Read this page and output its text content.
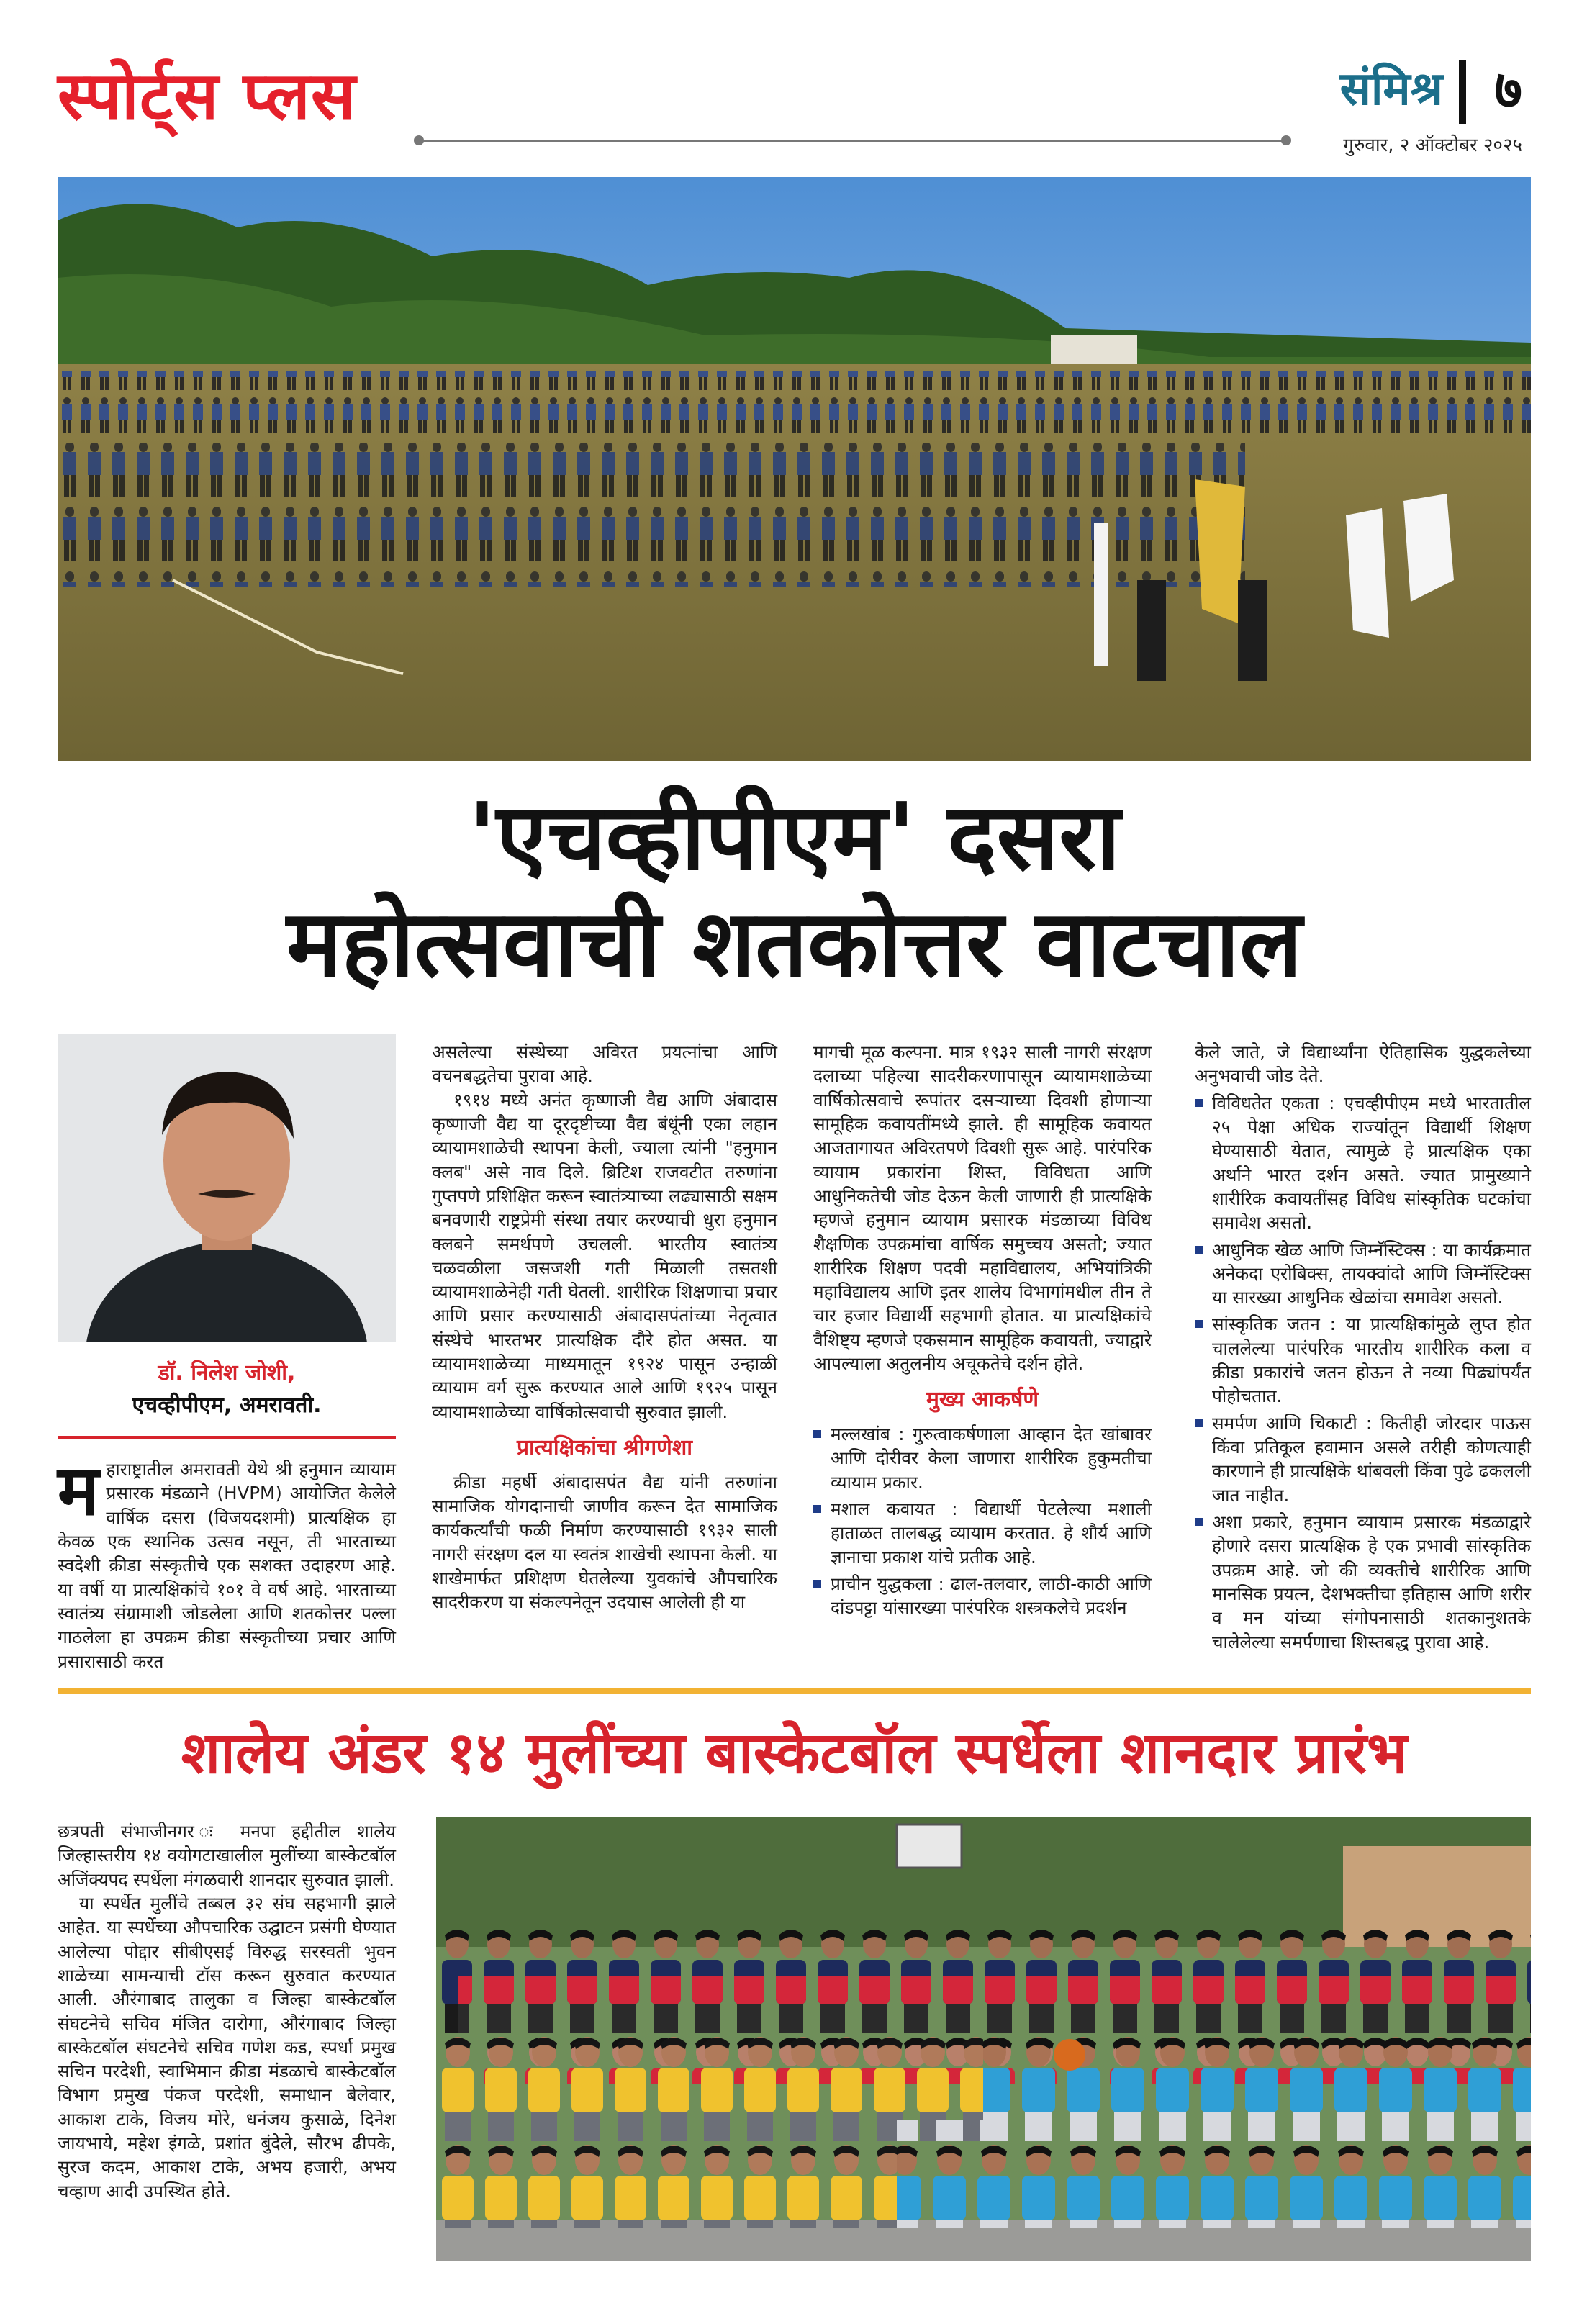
स्पोर्ट्स प्लस	संमिश्र ७
गुरुवार, २ ऑक्टोबर २०२५
'एचव्हीपीएम' दसरा
महोत्सवाची शतकोत्तर वाटचाल
डॉ. निलेश जोशी,
एचव्हीपीएम, अमरावती.
म हाराष्ट्रातील अमरावती येथे श्री हनुमान व्यायाम प्रसारक मंडळाने (HVPM) आयोजित केलेले वार्षिक दसरा (विजयदशमी) प्रात्यक्षिक हा केवळ एक स्थानिक उत्सव नसून, ती भारताच्या स्वदेशी क्रीडा संस्कृतीचे एक सशक्त उदाहरण आहे. या वर्षी या प्रात्यक्षिकांचे १०१ वे वर्ष आहे. भारताच्या स्वातंत्र्य संग्रामाशी जोडलेला आणि शतकोत्तर पल्ला गाठलेला हा उपक्रम क्रीडा संस्कृतीच्या प्रचार आणि प्रसारासाठी करत

असलेल्या संस्थेच्या अविरत प्रयत्नांचा आणि वचनबद्धतेचा पुरावा आहे.

१९१४ मध्ये अनंत कृष्णाजी वैद्य आणि अंबादास कृष्णाजी वैद्य या दूरदृष्टीच्या वैद्य बंधूंनी एका लहान व्यायामशाळेची स्थापना केली, ज्याला त्यांनी "हनुमान क्लब" असे नाव दिले. ब्रिटिश राजवटीत तरुणांना गुप्तपणे प्रशिक्षित करून स्वातंत्र्याच्या लढ्यासाठी सक्षम बनवणारी राष्ट्रप्रेमी संस्था तयार करण्याची धुरा हनुमान क्लबने समर्थपणे उचलली. भारतीय स्वातंत्र्य चळवळीला जसजशी गती मिळाली तसतशी व्यायामशाळेनेही गती घेतली. शारीरिक शिक्षणाचा प्रचार आणि प्रसार करण्यासाठी अंबादासपंतांच्या नेतृत्वात संस्थेचे भारतभर प्रात्यक्षिक दौरे होत असत. या व्यायामशाळेच्या माध्यमातून १९२४ पासून उन्हाळी व्यायाम वर्ग सुरू करण्यात आले आणि १९२५ पासून व्यायामशाळेच्या वार्षिकोत्सवाची सुरुवात झाली.

प्रात्यक्षिकांचा श्रीगणेशा

क्रीडा महर्षी अंबादासपंत वैद्य यांनी तरुणांना सामाजिक योगदानाची जाणीव करून देत सामाजिक कार्यकर्त्यांची फळी निर्माण करण्यासाठी १९३२ साली नागरी संरक्षण दल या स्वतंत्र शाखेची स्थापना केली. या शाखेमार्फत प्रशिक्षण घेतलेल्या युवकांचे औपचारिक सादरीकरण या संकल्पनेतून उदयास आलेली ही या

मागची मूळ कल्पना. मात्र १९३२ साली नागरी संरक्षण दलाच्या पहिल्या सादरीकरणापासून व्यायामशाळेच्या वार्षिकोत्सवाचे रूपांतर दसऱ्याच्या दिवशी होणाऱ्या सामूहिक कवायतींमध्ये झाले. ही सामूहिक कवायत आजतागायत अविरतपणे दिवशी सुरू आहे. पारंपरिक व्यायाम प्रकारांना शिस्त, विविधता आणि आधुनिकतेची जोड देऊन केली जाणारी ही प्रात्यक्षिके म्हणजे हनुमान व्यायाम प्रसारक मंडळाच्या विविध शैक्षणिक उपक्रमांचा वार्षिक समुच्चय असतो; ज्यात शारीरिक शिक्षण पदवी महाविद्यालय, अभियांत्रिकी महाविद्यालय आणि इतर शालेय विभागांमधील तीन ते चार हजार विद्यार्थी सहभागी होतात. या प्रात्यक्षिकांचे वैशिष्ट्य म्हणजे एकसमान सामूहिक कवायती, ज्याद्वारे आपल्याला अतुलनीय अचूकतेचे दर्शन होते.

मुख्य आकर्षणे

मल्लखांब : गुरुत्वाकर्षणाला आव्हान देत खांबावर आणि दोरीवर केला जाणारा शारीरिक हुकुमतीचा व्यायाम प्रकार.

मशाल कवायत : विद्यार्थी पेटलेल्या मशाली हाताळत तालबद्ध व्यायाम करतात. हे शौर्य आणि ज्ञानाचा प्रकाश यांचे प्रतीक आहे.

प्राचीन युद्धकला : ढाल-तलवार, लाठी-काठी आणि दांडपट्टा यांसारख्या पारंपरिक शस्त्रकलेचे प्रदर्शन

केले जाते, जे विद्यार्थ्यांना ऐतिहासिक युद्धकलेच्या अनुभवाची जोड देते.

विविधतेत एकता : एचव्हीपीएम मध्ये भारतातील २५ पेक्षा अधिक राज्यांतून विद्यार्थी शिक्षण घेण्यासाठी येतात, त्यामुळे हे प्रात्यक्षिक एका अर्थाने भारत दर्शन असते. ज्यात प्रामुख्याने शारीरिक कवायतींसह विविध सांस्कृतिक घटकांचा समावेश असतो.

आधुनिक खेळ आणि जिम्नॅस्टिक्स : या कार्यक्रमात अनेकदा एरोबिक्स, तायक्वांदो आणि जिम्नॅस्टिक्स या सारख्या आधुनिक खेळांचा समावेश असतो.

सांस्कृतिक जतन : या प्रात्यक्षिकांमुळे लुप्त होत चाललेल्या पारंपरिक भारतीय शारीरिक कला व क्रीडा प्रकारांचे जतन होऊन ते नव्या पिढ्यांपर्यंत पोहोचतात.

समर्पण आणि चिकाटी : कितीही जोरदार पाऊस किंवा प्रतिकूल हवामान असले तरीही कोणत्याही कारणाने ही प्रात्यक्षिके थांबवली किंवा पुढे ढकलली जात नाहीत.

अशा प्रकारे, हनुमान व्यायाम प्रसारक मंडळाद्वारे होणारे दसरा प्रात्यक्षिक हे एक प्रभावी सांस्कृतिक उपक्रम आहे. जो की व्यक्तीचे शारीरिक आणि मानसिक प्रयत्न, देशभक्तीचा इतिहास आणि शरीर व मन यांच्या संगोपनासाठी शतकानुशतके चालेलेल्या समर्पणाचा शिस्तबद्ध पुरावा आहे.

शालेय अंडर १४ मुलींच्या बास्केटबॉल स्पर्धेला शानदार प्रारंभ

छत्रपती संभाजीनगर ः मनपा हद्दीतील शालेय जिल्हास्तरीय १४ वयोगटाखालील मुलींच्या बास्केटबॉल अजिंक्यपद स्पर्धेला मंगळवारी शानदार सुरुवात झाली.

या स्पर्धेत मुलींचे तब्बल ३२ संघ सहभागी झाले आहेत. या स्पर्धेच्या औपचारिक उद्घाटन प्रसंगी घेण्यात आलेल्या पोद्दार सीबीएसई विरुद्ध सरस्वती भुवन शाळेच्या सामन्याची टॉस करून सुरुवात करण्यात आली. औरंगाबाद तालुका व जिल्हा बास्केटबॉल संघटनेचे सचिव मंजित दारोगा, औरंगाबाद जिल्हा बास्केटबॉल संघटनेचे सचिव गणेश कड, स्पर्धा प्रमुख सचिन परदेशी, स्वाभिमान क्रीडा मंडळाचे बास्केटबॉल विभाग प्रमुख पंकज परदेशी, समाधान बेलेवार, आकाश टाके, विजय मोरे, धनंजय कुसाळे, दिनेश जायभाये, महेश इंगळे, प्रशांत बुंदेले, सौरभ ढीपके, सुरज कदम, आकाश टाके, अभय हजारी, अभय चव्हाण आदी उपस्थित होते.
